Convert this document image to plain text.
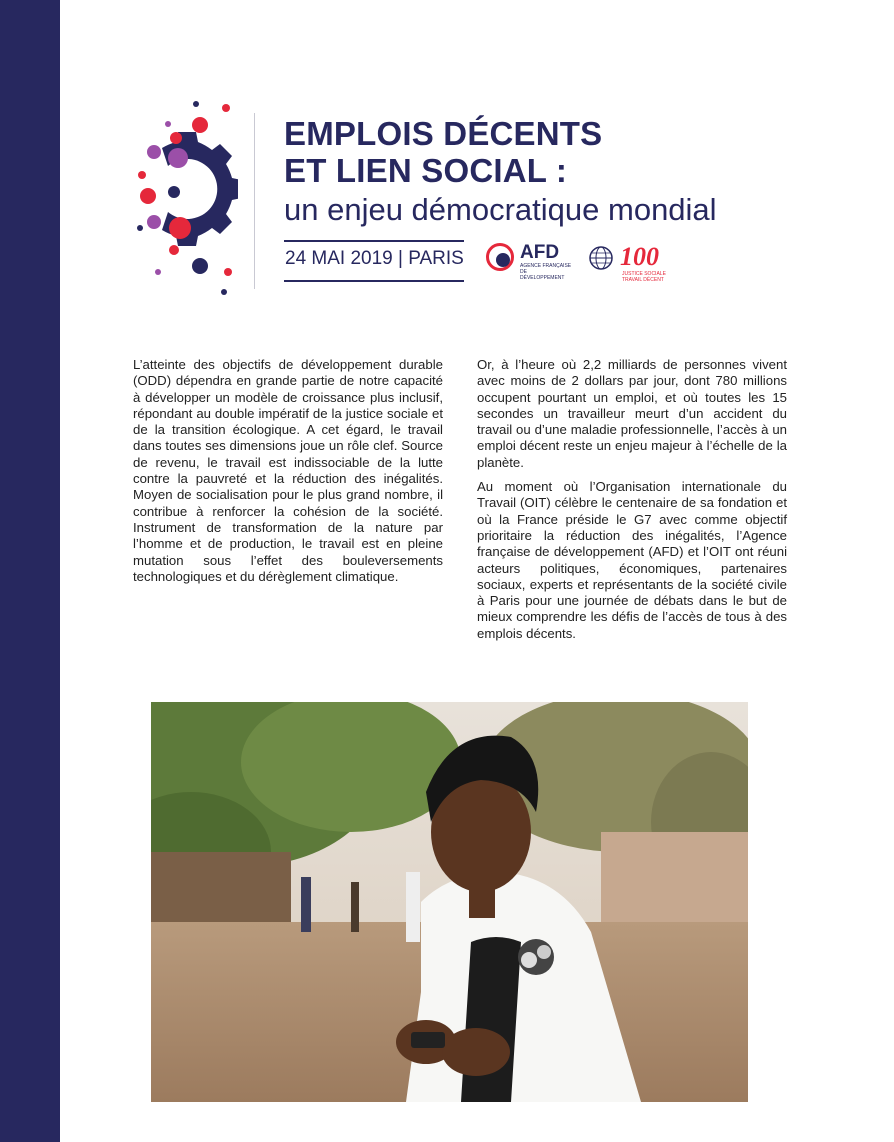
EMPLOIS DÉCENTS
ET LIEN SOCIAL :
un enjeu démocratique mondial
24 MAI 2019 | PARIS	AFD
AGENCE FRANÇAISE DE DÉVELOPPEMENT
100
JUSTICE SOCIALE TRAVAIL DÉCENT

L’atteinte des objectifs de développement durable (ODD) dépendra en grande partie de notre capacité à développer un modèle de croissance plus inclusif, répondant au double impératif de la justice sociale et de la transition écologique. A cet égard, le travail dans toutes ses dimensions joue un rôle clef. Source de revenu, le travail est indissociable de la lutte contre la pauvreté et la réduction des inégalités. Moyen de socialisation pour le plus grand nombre, il contribue à renforcer la cohésion de la société. Instrument de transformation de la nature par l’homme et de production, le travail est en pleine mutation sous l’effet des bouleversements technologiques et du dérèglement climatique.

Or, à l’heure où 2,2 milliards de personnes vivent avec moins de 2 dollars par jour, dont 780 millions occupent pourtant un emploi, et où toutes les 15 secondes un travailleur meurt d’un accident du travail ou d’une maladie professionnelle, l’accès à un emploi décent reste un enjeu majeur à l’échelle de la planète.

Au moment où l’Organisation internationale du Travail (OIT) célèbre le centenaire de sa fondation et où la France préside le G7 avec comme objectif prioritaire la réduction des inégalités, l’Agence française de développement (AFD) et l’OIT ont réuni acteurs politiques, économiques, partenaires sociaux, experts et représentants de la société civile à Paris pour une journée de débats dans le but de mieux comprendre les défis de l’accès de tous à des emplois décents.
